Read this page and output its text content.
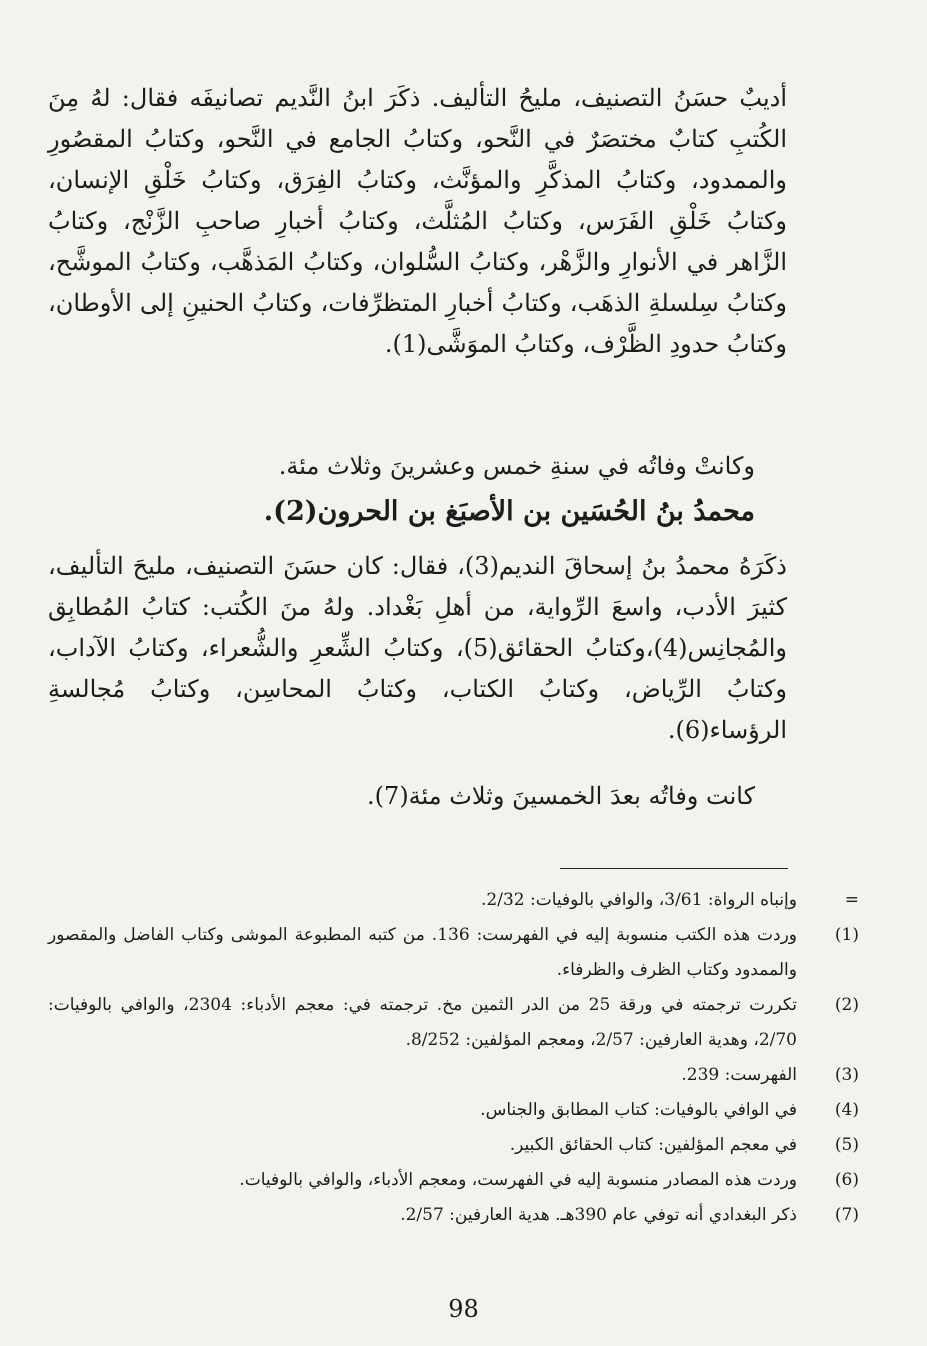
أديبٌ حسَنُ التصنيف، مليحُ التأليف. ذكَرَ ابنُ النَّديم تصانيفَه فقال: لهُ مِنَ الكُتبِ كتابٌ مختصَرٌ في النَّحو، وكتابُ الجامع في النَّحو، وكتابُ المقصُورِ والممدود، وكتابُ المذكَّرِ والمؤنَّث، وكتابُ الفِرَق، وكتابُ خَلْقِ الإنسان، وكتابُ خَلْقِ الفَرَس، وكتابُ المُثلَّث، وكتابُ أخبارِ صاحبِ الزَّنْج، وكتابُ الزَّاهر في الأنوارِ والزَّهْر، وكتابُ السُّلوان، وكتابُ المَذهَّب، وكتابُ الموشَّح، وكتابُ سِلسلةِ الذهَب، وكتابُ أخبارِ المتظرِّفات، وكتابُ الحنينِ إلى الأوطان، وكتابُ حدودِ الظَّرْف، وكتابُ الموَشَّى(1).

وكانتْ وفاتُه في سنةِ خمس وعشرينَ وثلاث مئة.

محمدُ بنُ الحُسَين بن الأصبَغ بن الحرون(2).

ذكَرَهُ محمدُ بنُ إسحاقَ النديم(3)، فقال: كان حسَنَ التصنيف، مليحَ التأليف، كثيرَ الأدب، واسعَ الرِّواية، من أهلِ بَغْداد. ولهُ منَ الكُتب: كتابُ المُطابِق والمُجانِس(4)،وكتابُ الحقائق(5)، وكتابُ الشِّعرِ والشُّعراء، وكتابُ الآداب، وكتابُ الرِّياض، وكتابُ الكتاب، وكتابُ المحاسِن، وكتابُ مُجالسةِ الرؤساء(6).

كانت وفاتُه بعدَ الخمسينَ وثلاث مئة(7).

=
وإنباه الرواة: 3/61، والوافي بالوفيات: 2/32.
(1)
وردت هذه الكتب منسوبة إليه في الفهرست: 136. من كتبه المطبوعة الموشى وكتاب الفاضل والمقصور والممدود وكتاب الظرف والظرفاء.
(2)
تكررت ترجمته في ورقة 25 من الدر الثمين مخ. ترجمته في: معجم الأدباء: 2304، والوافي بالوفيات: 2/70، وهدية العارفين: 2/57، ومعجم المؤلفين: 8/252.
(3)
الفهرست: 239.
(4)
في الوافي بالوفيات: كتاب المطابق والجناس.
(5)
في معجم المؤلفين: كتاب الحقائق الكبير.
(6)
وردت هذه المصادر منسوبة إليه في الفهرست، ومعجم الأدباء، والوافي بالوفيات.
(7)
ذكر البغدادي أنه توفي عام 390هـ. هدية العارفين: 2/57.
98
